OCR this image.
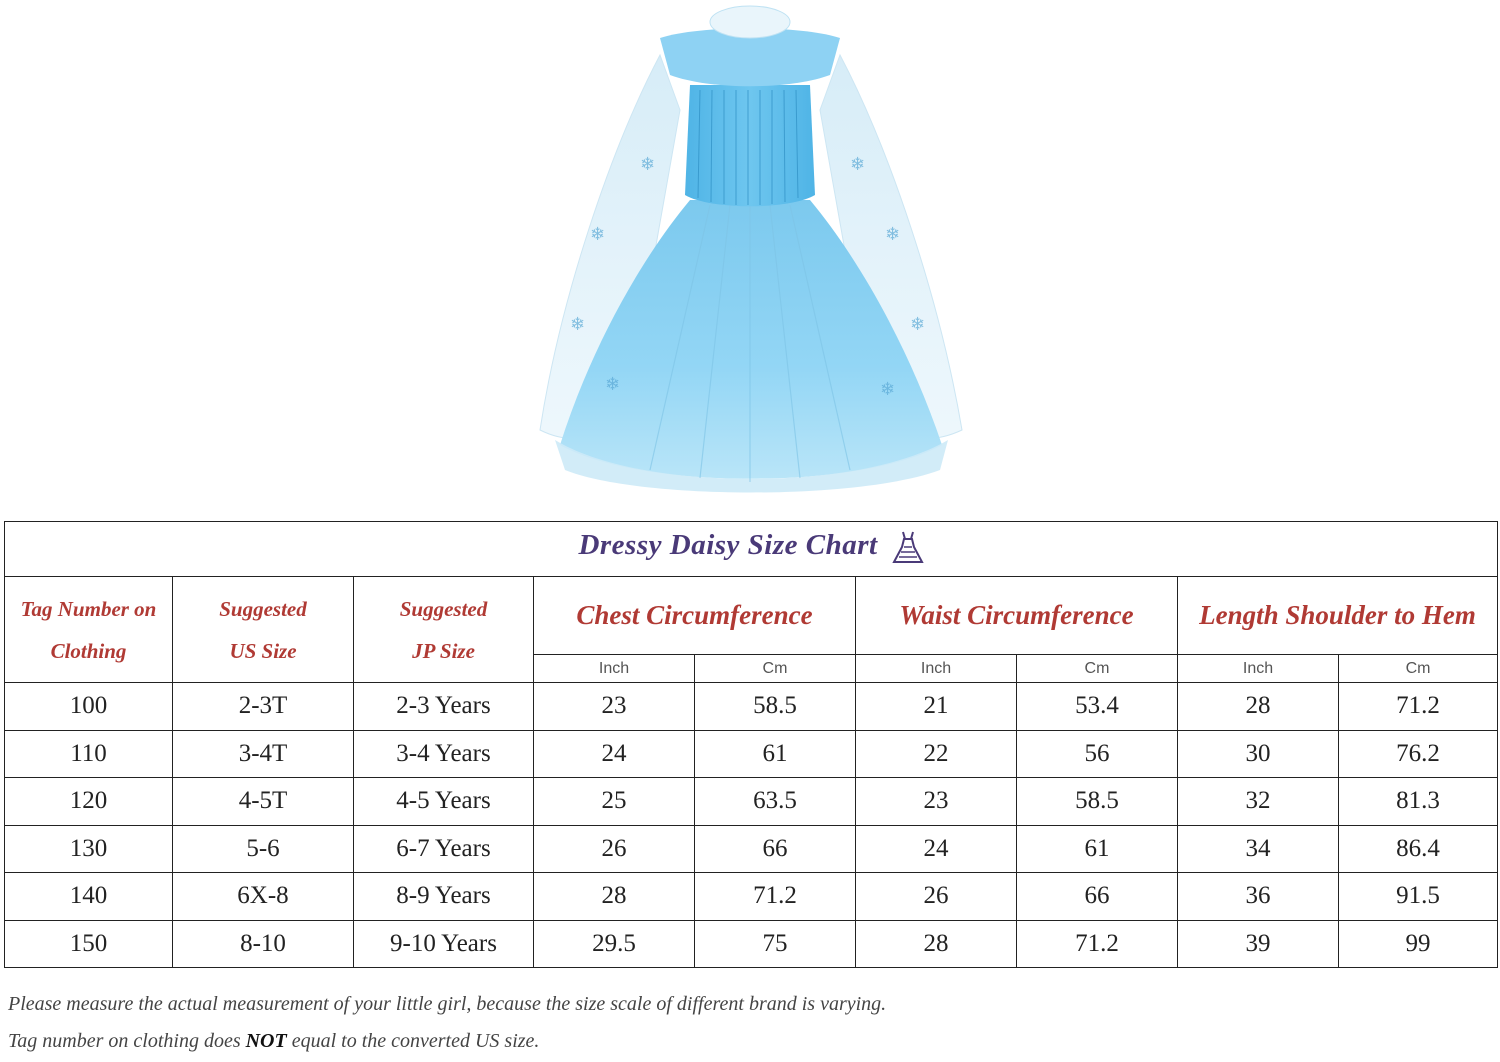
❄
❄
❄
❄
❄
❄
❄	❄
Dressy Daisy Size Chart								

Tag Number on Clothing	Suggested US Size	Suggested JP Size	Chest Circumference		Waist Circumference		Length Shoulder to Hem	
			Inch	Cm	Inch	Cm	Inch	Cm
100	2-3T	2-3 Years	23	58.5	21	53.4	28	71.2
110	3-4T	3-4 Years	24	61	22	56	30	76.2
120	4-5T	4-5 Years	25	63.5	23	58.5	32	81.3
130	5-6	6-7 Years	26	66	24	61	34	86.4
140	6X-8	8-9 Years	28	71.2	26	66	36	91.5
150	8-10	9-10 Years	29.5	75	28	71.2	39	99

Please measure the actual measurement of your little girl, because the size scale of different brand is varying.

Tag number on clothing does NOT equal to the converted US size.
